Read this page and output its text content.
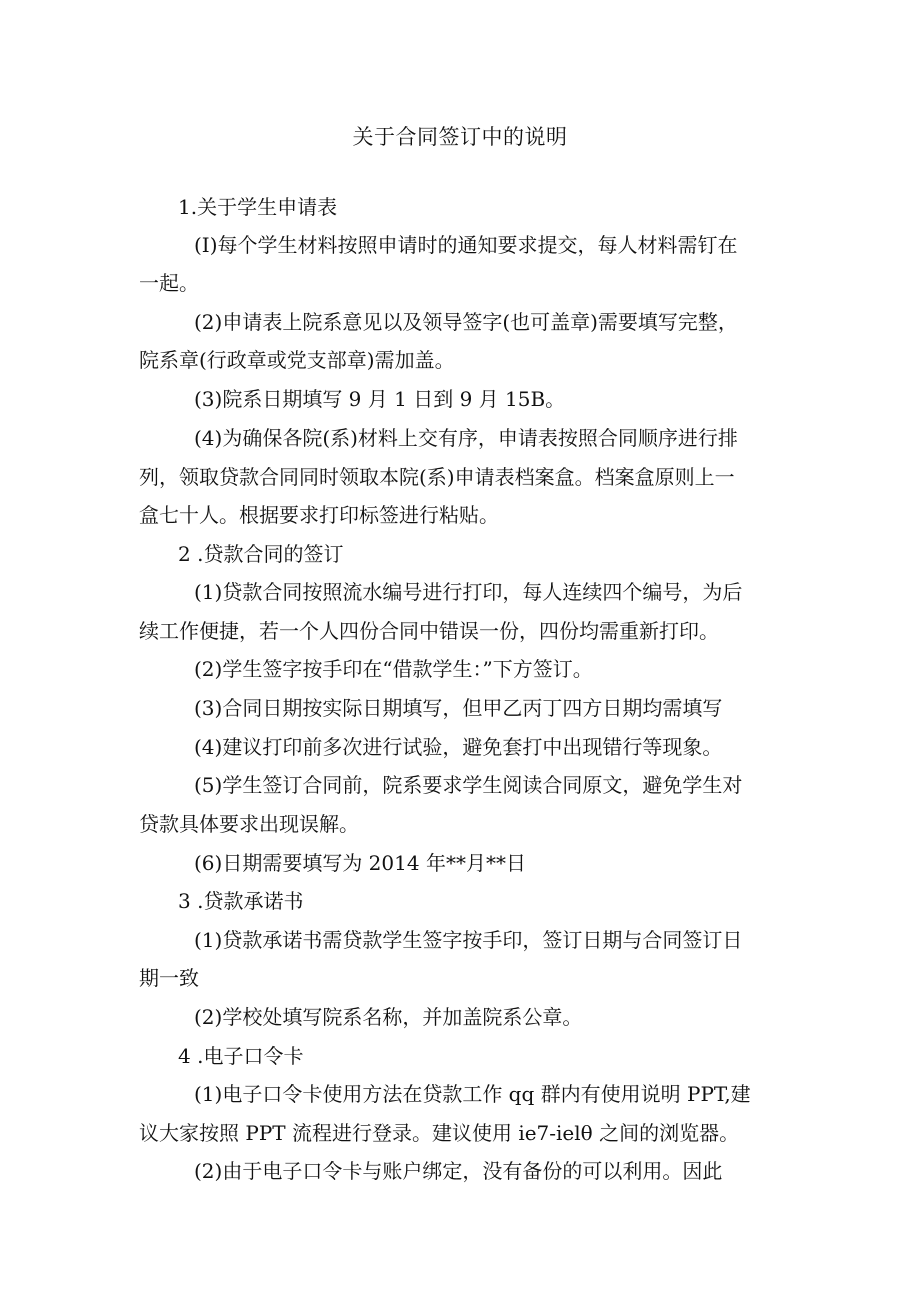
关于合同签订中的说明
1.关于学生申请表
(I)每个学生材料按照申请时的通知要求提交，每人材料需钉在
一起。
(2)申请表上院系意见以及领导签字(也可盖章)需要填写完整，
院系章(行政章或党支部章)需加盖。
(3)院系日期填写 9 月 1 日到 9 月 15B。
(4)为确保各院(系)材料上交有序，申请表按照合同顺序进行排
列，领取贷款合同同时领取本院(系)申请表档案盒。档案盒原则上一
盒七十人。根据要求打印标签进行粘贴。
2 .贷款合同的签订
(1)贷款合同按照流水编号进行打印，每人连续四个编号，为后
续工作便捷，若一个人四份合同中错误一份，四份均需重新打印。
(2)学生签字按手印在“借款学生：”下方签订。
(3)合同日期按实际日期填写，但甲乙丙丁四方日期均需填写
(4)建议打印前多次进行试验，避免套打中出现错行等现象。
(5)学生签订合同前，院系要求学生阅读合同原文，避免学生对
贷款具体要求出现误解。
(6)日期需要填写为 2014 年**月**日
3 .贷款承诺书
(1)贷款承诺书需贷款学生签字按手印，签订日期与合同签订日
期一致
(2)学校处填写院系名称，并加盖院系公章。
4 .电子口令卡
(1)电子口令卡使用方法在贷款工作 qq 群内有使用说明 PPT,建
议大家按照 PPT 流程进行登录。建议使用 ie7-ielθ 之间的浏览器。
(2)由于电子口令卡与账户绑定，没有备份的可以利用。因此
